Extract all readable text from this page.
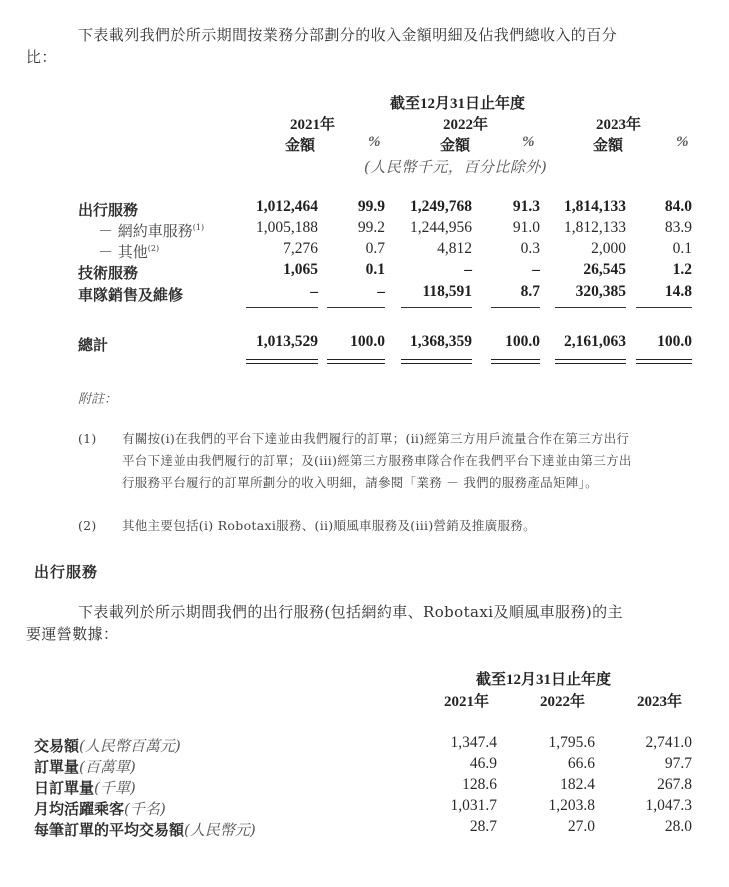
下表載列我們於所示期間按業務分部劃分的收入金額明細及佔我們總收入的百分
比：
截至12月31日止年度
2021年	2022年	2023年
金額	%	金額	%	金額	%
(人民幣千元，百分比除外)
出行服務	1,012,464	99.9 1,249,768	91.3 1,814,133	84.0
－ 網約車服務$^{(1)}$	1,005,188	99.2 1,244,956	91.0 1,812,133	83.9
－ 其他$^{(2)}$	7,276	0.7	4,812	0.3	2,000	0.1
技術服務	1,065	0.1	–	–	26,545	1.2
車隊銷售及維修	–	– 118,591	8.7 320,385	14.8
總計	1,013,529 100.0 1,368,359 100.0 2,161,063 100.0
附註：
(1) 有關按(i)在我們的平台下達並由我們履行的訂單；(ii)經第三方用戶流量合作在第三方出行
平台下達並由我們履行的訂單；及(iii)經第三方服務車隊合作在我們平台下達並由第三方出
行服務平台履行的訂單所劃分的收入明細，請參閱「業務 － 我們的服務產品矩陣」。
(2) 其他主要包括(i) Robotaxi服務、(ii)順風車服務及(iii)營銷及推廣服務。
出行服務
下表載列於所示期間我們的出行服務(包括網約車、Robotaxi及順風車服務)的主
要運營數據：
截至12月31日止年度
2021年	2022年	2023年
交易額(人民幣百萬元)	1,347.4	1,795.6	2,741.0
訂單量(百萬單)	46.9	66.6	97.7
日訂單量(千單)	128.6	182.4	267.8
月均活躍乘客(千名)	1,031.7	1,203.8	1,047.3
每筆訂單的平均交易額(人民幣元)	28.7	27.0	28.0
